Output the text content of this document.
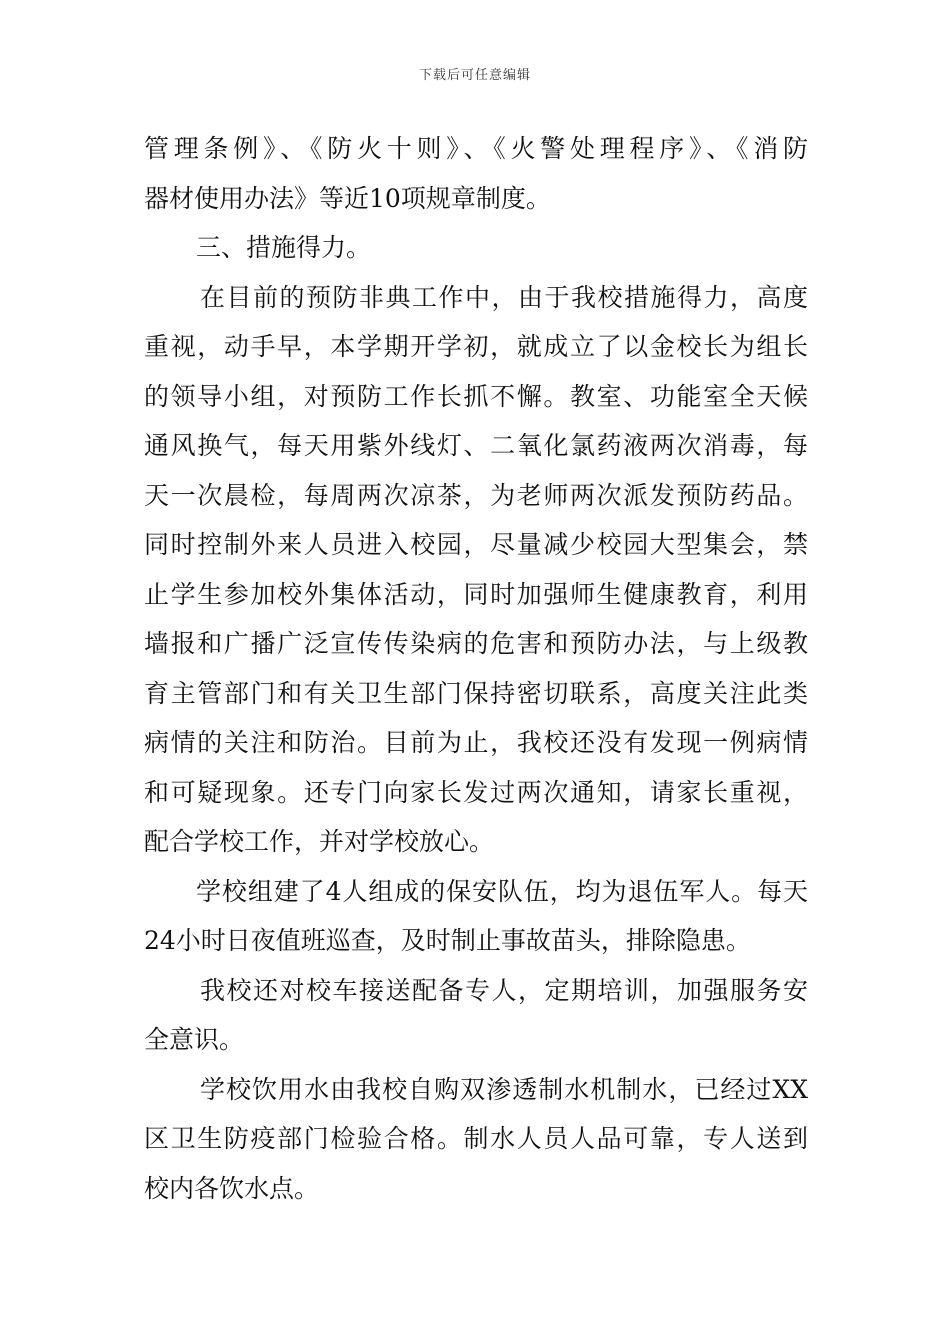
下载后可任意编辑
管理条例》、《防火十则》、《火警处理程序》、《消防
器材使用办法》等近10项规章制度。
三、措施得力。
在目前的预防非典工作中，由于我校措施得力，高度
重视，动手早，本学期开学初，就成立了以金校长为组长
的领导小组，对预防工作长抓不懈。教室、功能室全天候
通风换气，每天用紫外线灯、二氧化氯药液两次消毒，每
天一次晨检，每周两次凉茶，为老师两次派发预防药品。
同时控制外来人员进入校园，尽量减少校园大型集会，禁
止学生参加校外集体活动，同时加强师生健康教育，利用
墙报和广播广泛宣传传染病的危害和预防办法，与上级教
育主管部门和有关卫生部门保持密切联系，高度关注此类
病情的关注和防治。目前为止，我校还没有发现一例病情
和可疑现象。还专门向家长发过两次通知，请家长重视，
配合学校工作，并对学校放心。
学校组建了4人组成的保安队伍，均为退伍军人。每天
24小时日夜值班巡查，及时制止事故苗头，排除隐患。
我校还对校车接送配备专人，定期培训，加强服务安
全意识。
学校饮用水由我校自购双渗透制水机制水，已经过XX
区卫生防疫部门检验合格。制水人员人品可靠，专人送到
校内各饮水点。
